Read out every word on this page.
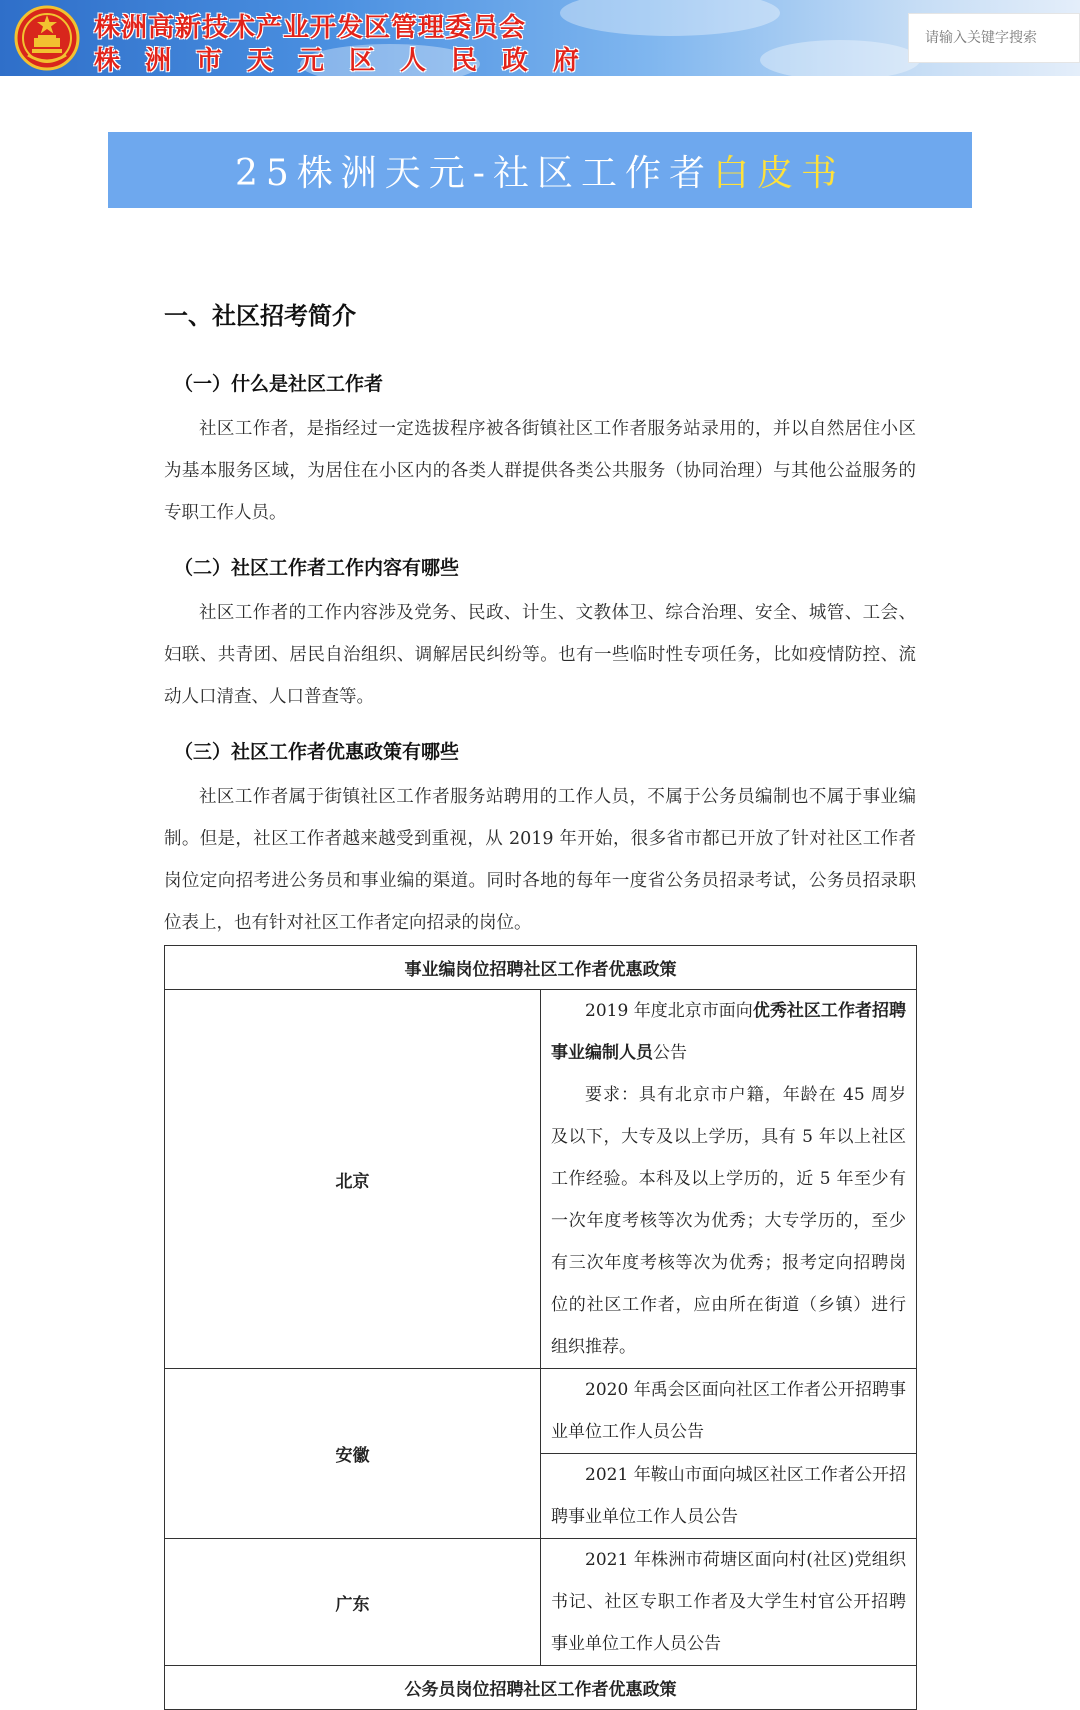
株洲高新技术产业开发区管理委员会
株洲市天元区人民政府
请输入关键字搜索
25株洲天元-社区工作者 白皮书
一、社区招考简介
（一）什么是社区工作者

社区工作者，是指经过一定选拔程序被各街镇社区工作者服务站录用的，并以自然居住小区为基本服务区域，为居住在小区内的各类人群提供各类公共服务（协同治理）与其他公益服务的专职工作人员。

（二）社区工作者工作内容有哪些

社区工作者的工作内容涉及党务、民政、计生、文教体卫、综合治理、安全、城管、工会、妇联、共青团、居民自治组织、调解居民纠纷等。也有一些临时性专项任务，比如疫情防控、流动人口清查、人口普查等。

（三）社区工作者优惠政策有哪些

社区工作者属于街镇社区工作者服务站聘用的工作人员，不属于公务员编制也不属于事业编制。但是，社区工作者越来越受到重视，从 2019 年开始，很多省市都已开放了针对社区工作者岗位定向招考进公务员和事业编的渠道。同时各地的每年一度省公务员招录考试，公务员招录职位表上，也有针对社区工作者定向招录的岗位。

事业编岗位招聘社区工作者优惠政策	
北京	2019 年度北京市面向优秀社区工作者招聘事业编制人员公告
要求：具有北京市户籍，年龄在 45 周岁及以下，大专及以上学历，具有 5 年以上社区工作经验。本科及以上学历的，近 5 年至少有一次年度考核等次为优秀；大专学历的，至少有三次年度考核等次为优秀；报考定向招聘岗位的社区工作者，应由所在街道（乡镇）进行组织推荐。

安徽	2020 年禹会区面向社区工作者公开招聘事业单位工作人员公告

	2021 年鞍山市面向城区社区工作者公开招聘事业单位工作人员公告

广东	2021 年株洲市荷塘区面向村(社区)党组织书记、社区专职工作者及大学生村官公开招聘事业单位工作人员公告

公务员岗位招聘社区工作者优惠政策	
